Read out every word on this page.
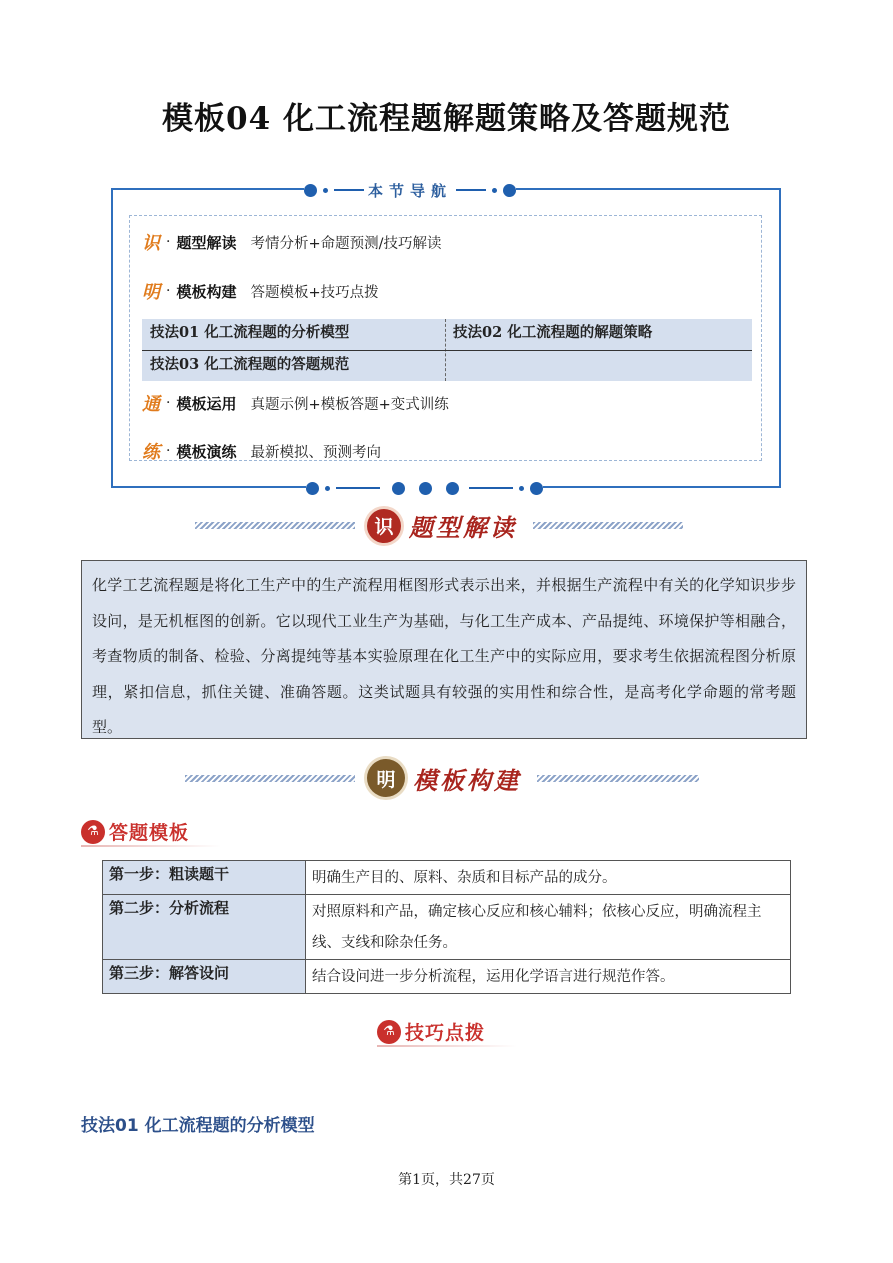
模板04 化工流程题解题策略及答题规范
本节导航
识 · 题型解读 考情分析+命题预测/技巧解读
明 · 模板构建 答题模板+技巧点拨
技法01 化工流程题的分析模型	技法02 化工流程题的解题策略
技法03 化工流程题的答题规范
通 · 模板运用 真题示例+模板答题+变式训练
练 · 模板演练 最新模拟、预测考向
识 题型解读
化学工艺流程题是将化工生产中的生产流程用框图形式表示出来，并根据生产流程中有关的化学知识步步设问，是无机框图的创新。它以现代工业生产为基础，与化工生产成本、产品提纯、环境保护等相融合，考查物质的制备、检验、分离提纯等基本实验原理在化工生产中的实际应用，要求考生依据流程图分析原理，紧扣信息，抓住关键、准确答题。这类试题具有较强的实用性和综合性，是高考化学命题的常考题型。
明 模板构建
⚗ 答题模板
第一步：粗读题干	明确生产目的、原料、杂质和目标产品的成分。
第二步：分析流程	对照原料和产品，确定核心反应和核心辅料；依核心反应，明确流程主线、支线和除杂任务。
第三步：解答设问	结合设问进一步分析流程，运用化学语言进行规范作答。
⚗ 技巧点拨
技法01 化工流程题的分析模型
第1页，共27页
